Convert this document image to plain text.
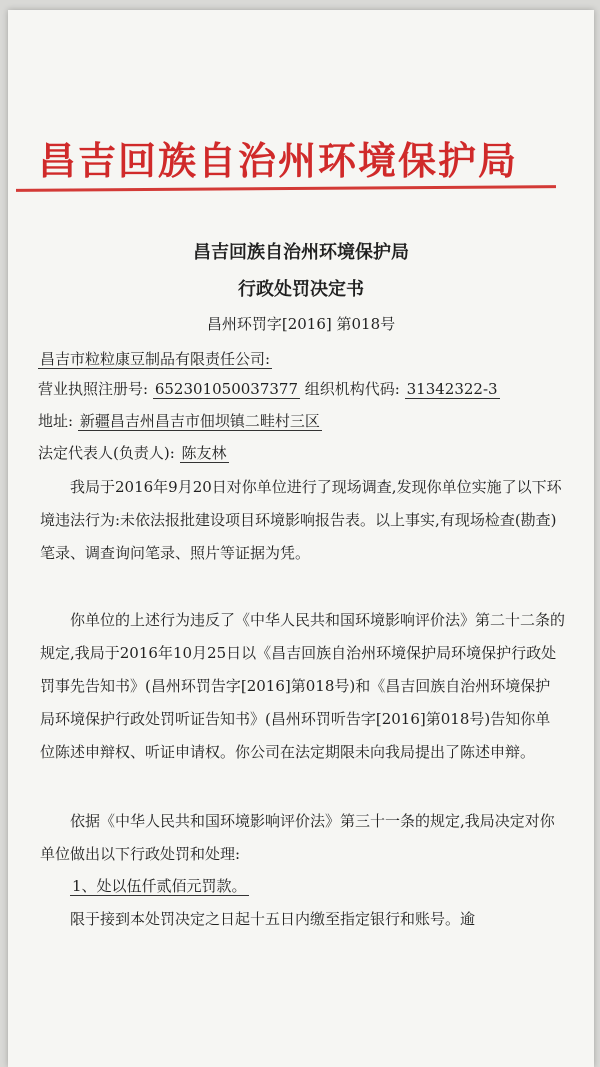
昌吉回族自治州环境保护局
昌吉回族自治州环境保护局
行政处罚决定书
昌州环罚字[2016] 第018号
昌吉市粒粒康豆制品有限责任公司:
营业执照注册号: 652301050037377 组织机构代码: 31342322-3
地址: 新疆昌吉州昌吉市佃坝镇二畦村三区
法定代表人(负责人): 陈友林
我局于2016年9月20日对你单位进行了现场调查,发现你单位实施了以下环境违法行为:未依法报批建设项目环境影响报告表。以上事实,有现场检查(勘查)笔录、调查询问笔录、照片等证据为凭。
你单位的上述行为违反了《中华人民共和国环境影响评价法》第二十二条的规定,我局于2016年10月25日以《昌吉回族自治州环境保护局环境保护行政处罚事先告知书》(昌州环罚告字[2016]第018号)和《昌吉回族自治州环境保护局环境保护行政处罚听证告知书》(昌州环罚听告字[2016]第018号)告知你单位陈述申辩权、听证申请权。你公司在法定期限未向我局提出了陈述申辩。
依据《中华人民共和国环境影响评价法》第三十一条的规定,我局决定对你单位做出以下行政处罚和处理:
1、处以伍仟贰佰元罚款。
限于接到本处罚决定之日起十五日内缴至指定银行和账号。逾
